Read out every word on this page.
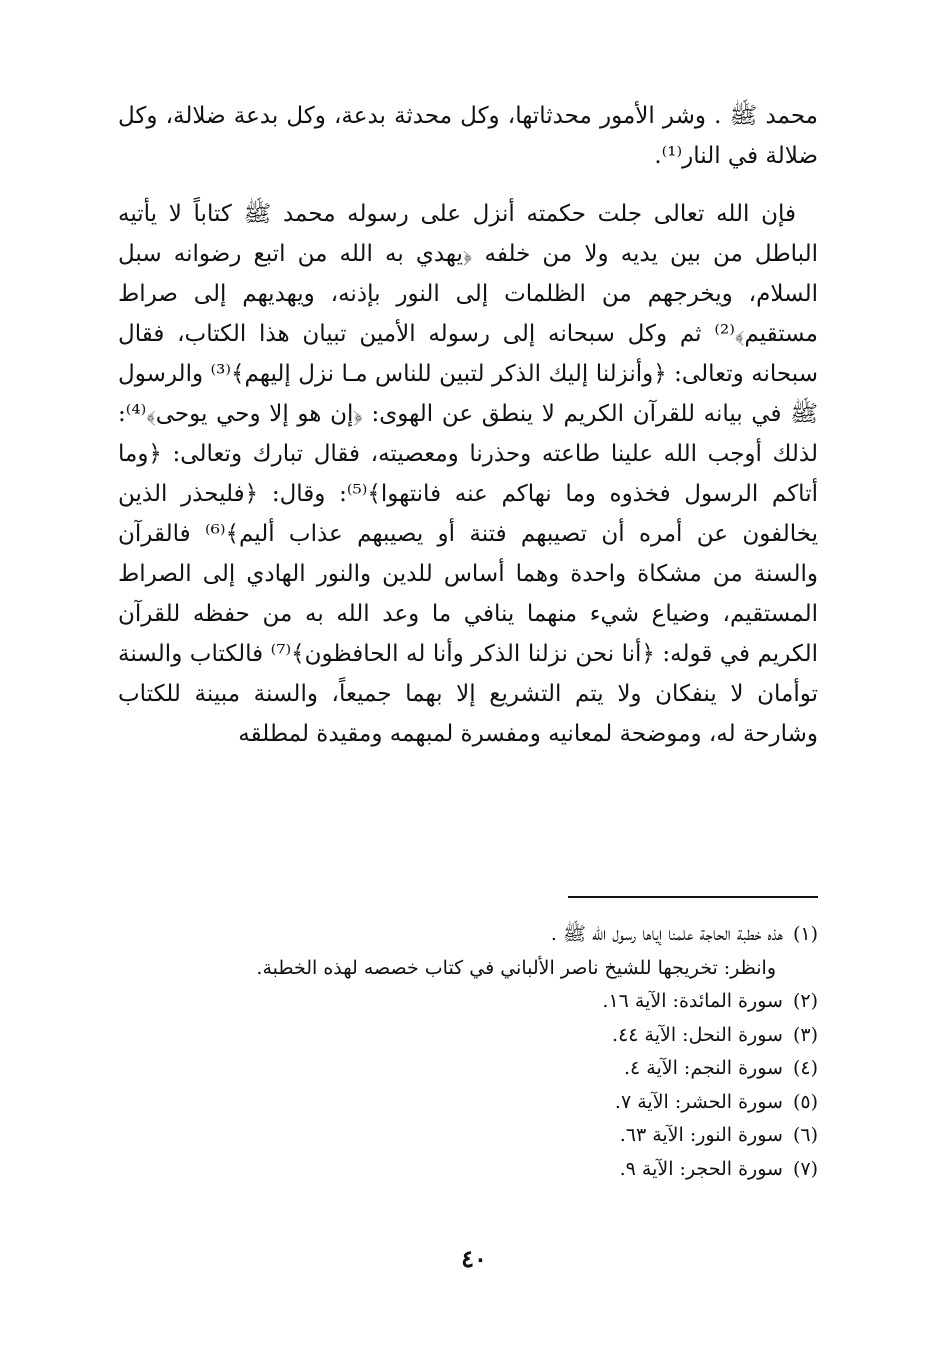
محمد ﷺ . وشر الأمور محدثاتها، وكل محدثة بدعة، وكل بدعة ضلالة، وكل ضلالة في النار⁽¹⁾.

فإن الله تعالى جلت حكمته أنزل على رسوله محمد ﷺ كتاباً لا يأتيه الباطل من بين يديه ولا من خلفه ﴿يهدي به الله من اتبع رضوانه سبل السلام، ويخرجهم من الظلمات إلى النور بإذنه، ويهديهم إلى صراط مستقيم﴾⁽²⁾ ثم وكل سبحانه إلى رسوله الأمين تبيان هذا الكتاب، فقال سبحانه وتعالى: ﴿وأنزلنا إليك الذكر لتبين للناس مـا نزل إليهم﴾⁽³⁾ والرسول ﷺ في بيانه للقرآن الكريم لا ينطق عن الهوى: ﴿إن هو إلا وحي يوحى﴾⁽⁴⁾: لذلك أوجب الله علينا طاعته وحذرنا ومعصيته، فقال تبارك وتعالى: ﴿وما أتاكم الرسول فخذوه وما نهاكم عنه فانتهوا﴾⁽⁵⁾: وقال: ﴿فليحذر الذين يخالفون عن أمره أن تصيبهم فتنة أو يصيبهم عذاب أليم﴾⁽⁶⁾ فالقرآن والسنة من مشكاة واحدة وهما أساس للدين والنور الهادي إلى الصراط المستقيم، وضياع شيء منهما ينافي ما وعد الله به من حفظه للقرآن الكريم في قوله: ﴿أنا نحن نزلنا الذكر وأنا له الحافظون﴾⁽⁷⁾ فالكتاب والسنة توأمان لا ينفكان ولا يتم التشريع إلا بهما جميعاً، والسنة مبينة للكتاب وشارحة له، وموضحة لمعانيه ومفسرة لمبهمه ومقيدة لمطلقه

(١)هذه خطبة الحاجة علمنا إياها رسول الله ﷺ .
وانظر: تخريجها للشيخ ناصر الألباني في كتاب خصصه لهذه الخطبة.
(٢)سورة المائدة: الآية ١٦.
(٣)سورة النحل: الآية ٤٤.
(٤)سورة النجم: الآية ٤.
(٥)سورة الحشر: الآية ٧.
(٦)سورة النور: الآية ٦٣.
(٧)سورة الحجر: الآية ٩.
٤٠
